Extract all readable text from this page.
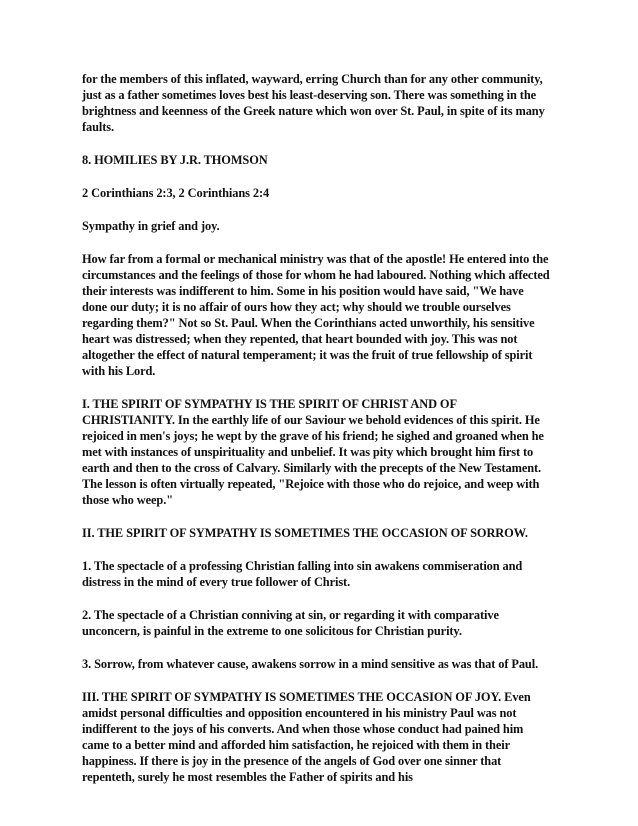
for the members of this inflated, wayward, erring Church than for any other community, just as a father sometimes loves best his least-deserving son. There was something in the brightness and keenness of the Greek nature which won over St. Paul, in spite of its many faults.

8. HOMILIES BY J.R. THOMSON

2 Corinthians 2:3, 2 Corinthians 2:4

Sympathy in grief and joy.

How far from a formal or mechanical ministry was that of the apostle! He entered into the circumstances and the feelings of those for whom he had laboured. Nothing which affected their interests was indifferent to him. Some in his position would have said, "We have done our duty; it is no affair of ours how they act; why should we trouble ourselves regarding them?" Not so St. Paul. When the Corinthians acted unworthily, his sensitive heart was distressed; when they repented, that heart bounded with joy. This was not altogether the effect of natural temperament; it was the fruit of true fellowship of spirit with his Lord.

I. THE SPIRIT OF SYMPATHY IS THE SPIRIT OF CHRIST AND OF CHRISTIANITY. In the earthly life of our Saviour we behold evidences of this spirit. He rejoiced in men's joys; he wept by the grave of his friend; he sighed and groaned when he met with instances of unspirituality and unbelief. It was pity which brought him first to earth and then to the cross of Calvary. Similarly with the precepts of the New Testament. The lesson is often virtually repeated, "Rejoice with those who do rejoice, and weep with those who weep."

II. THE SPIRIT OF SYMPATHY IS SOMETIMES THE OCCASION OF SORROW.

1. The spectacle of a professing Christian falling into sin awakens commiseration and distress in the mind of every true follower of Christ.

2. The spectacle of a Christian conniving at sin, or regarding it with comparative unconcern, is painful in the extreme to one solicitous for Christian purity.

3. Sorrow, from whatever cause, awakens sorrow in a mind sensitive as was that of Paul.

III. THE SPIRIT OF SYMPATHY IS SOMETIMES THE OCCASION OF JOY. Even amidst personal difficulties and opposition encountered in his ministry Paul was not indifferent to the joys of his converts. And when those whose conduct had pained him came to a better mind and afforded him satisfaction, he rejoiced with them in their happiness. If there is joy in the presence of the angels of God over one sinner that repenteth, surely he most resembles the Father of spirits and his
